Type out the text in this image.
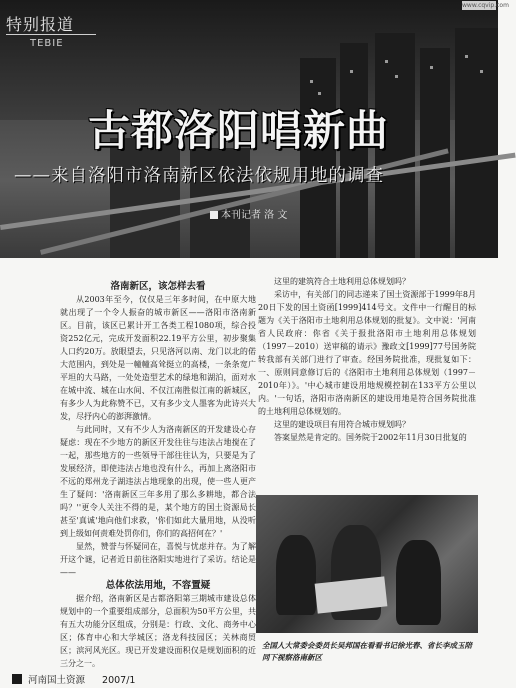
www.cqvip.com
特别报道
TEBIE
古都洛阳唱新曲
——来自洛阳市洛南新区依法依规用地的调查
本刊记者 洛 文

洛南新区，该怎样去看

从2003年至今，仅仅是三年多时间，在中原大地就出现了一个令人振奋的城市新区——洛阳市洛南新区。目前，该区已累计开工各类工程1080项，综合投资252亿元，完成开发面积22.19平方公里，初步聚集人口约20万。放眼望去，只见洛河以南、龙门以北的偌大范围内，到处是一幢幢高耸挺立的高楼，一条条宽广平坦的大马路，一处处造型艺术的绿地和湖泊，面对水在城中流、城在山水间、不仅江南胜似江南的新城区，有多少人为此称赞不已，又有多少文人墨客为此诗兴大发，尽抒内心的澎湃激情。

与此同时，又有不少人为洛南新区的开发建设心存疑虑：现在不少地方的新区开发往往与违法占地搅在了一起，那些地方的一些领导干部往往认为，只要是为了发展经济，即使违法占地也没有什么，再加上离洛阳市不远的郑州龙子湖违法占地现象的出现，使一些人更产生了疑问：'洛南新区三年多用了那么多耕地，都合法吗？''更令人关注不得的是，某个地方的国土资源局长甚至'真诚'地向他们求救，'你们如此大量用地，从没听到上级如何责难处罚你们，你们的高招何在？'

显然，赞誉与怀疑同在，喜悦与忧虑并存。为了解开这个谜，记者近日前往洛阳实地进行了采访。结论是——

总体依法用地，不容置疑

据介绍，洛南新区是古都洛阳第三期城市建设总体规划中的一个重要组成部分，总面积为50平方公里，共有五大功能分区组成，分别是：行政、文化、商务中心区；体育中心和大学城区；洛龙科技园区；关林商贸区；滨河风光区。现已开发建设面积仅是规划面积的近三分之一。

这里的建筑符合土地利用总体规划吗？

采访中，有关部门的同志递来了国土资源部于1999年8月20日下发的国土资函[1999]414号文。文件中一行醒目的标题为《关于洛阳市土地利用总体规划的批复》。文中说：'河南省人民政府：你省《关于报批洛阳市土地利用总体规划（1997－2010）送审稿的请示》豫政文[1999]77号国务院转我部有关部门进行了审查。经国务院批准，现批复如下：一、原则同意修订后的《洛阳市土地利用总体规划（1997－2010年）》。'中心城市建设用地规模控制在133平方公里以内。'一句话，洛阳市洛南新区的建设用地是符合国务院批准的土地利用总体规划的。

这里的建设项目有用符合城市规划吗？

答案显然是肯定的。国务院于2002年11月30日批复的

全国人大常委会委员长吴邦国在看看书记徐光春、省长李成玉陪同下视察洛南新区
河南国土资源 2007/1
